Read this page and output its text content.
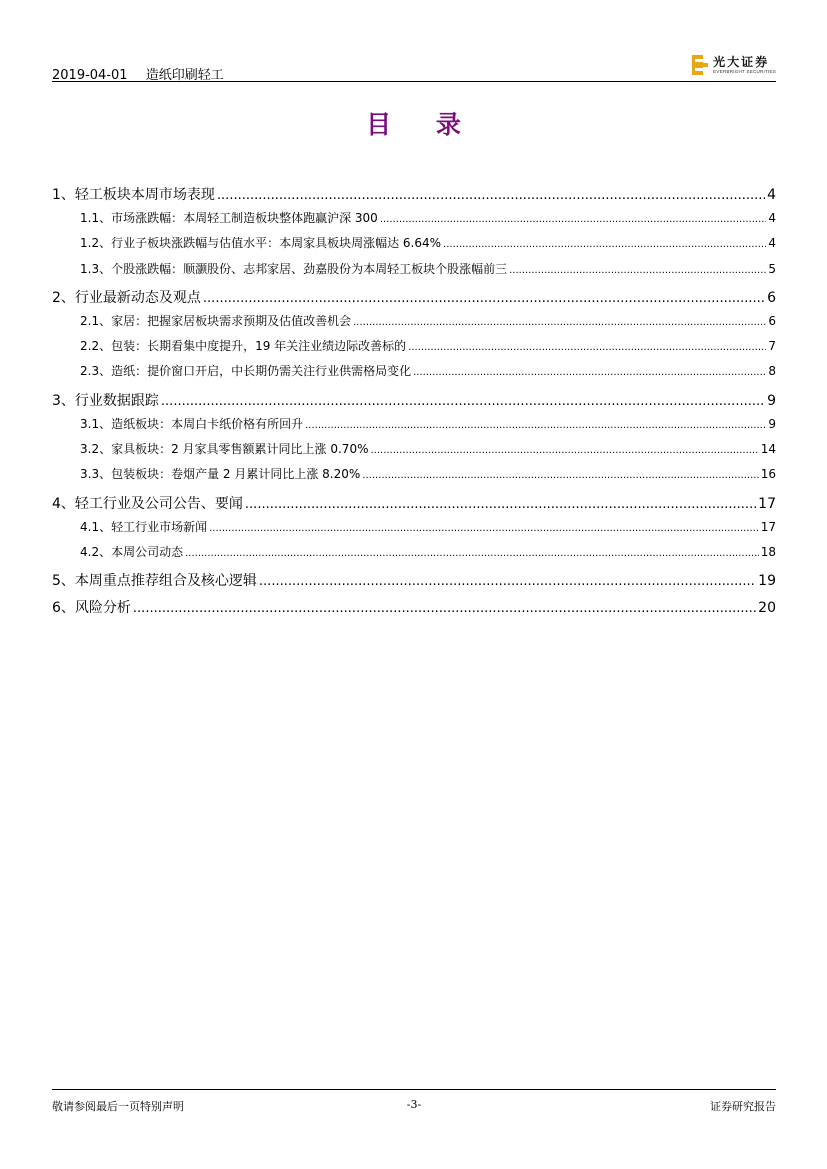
2019-04-01 造纸印刷轻工
光大证券
EVERBRIGHT SECURITIES
目 录
1、 轻工板块本周市场表现 .....	4
1.1、 市场涨跌幅：本周轻工制造板块整体跑赢沪深 300 .....	4
1.2、 行业子板块涨跌幅与估值水平：本周家具板块周涨幅达 6.64% .....	4
1.3、 个股涨跌幅：顺灏股份、志邦家居、劲嘉股份为本周轻工板块个股涨幅前三 .....	5
2、 行业最新动态及观点 .....	6
2.1、 家居：把握家居板块需求预期及估值改善机会 .....	6
2.2、 包装：长期看集中度提升，19 年关注业绩边际改善标的 .....	7
2.3、 造纸：提价窗口开启，中长期仍需关注行业供需格局变化 .....	8
3、 行业数据跟踪 .....	9
3.1、 造纸板块：本周白卡纸价格有所回升 .....	9
3.2、 家具板块：2 月家具零售额累计同比上涨 0.70% .....	14
3.3、 包装板块：卷烟产量 2 月累计同比上涨 8.20% .....	16
4、 轻工行业及公司公告、要闻 .....	17
4.1、 轻工行业市场新闻 .....	17
4.2、 本周公司动态 .....	18
5、 本周重点推荐组合及核心逻辑 .....	19
6、 风险分析 .....	20
敬请参阅最后一页特别声明	-3-	证券研究报告
